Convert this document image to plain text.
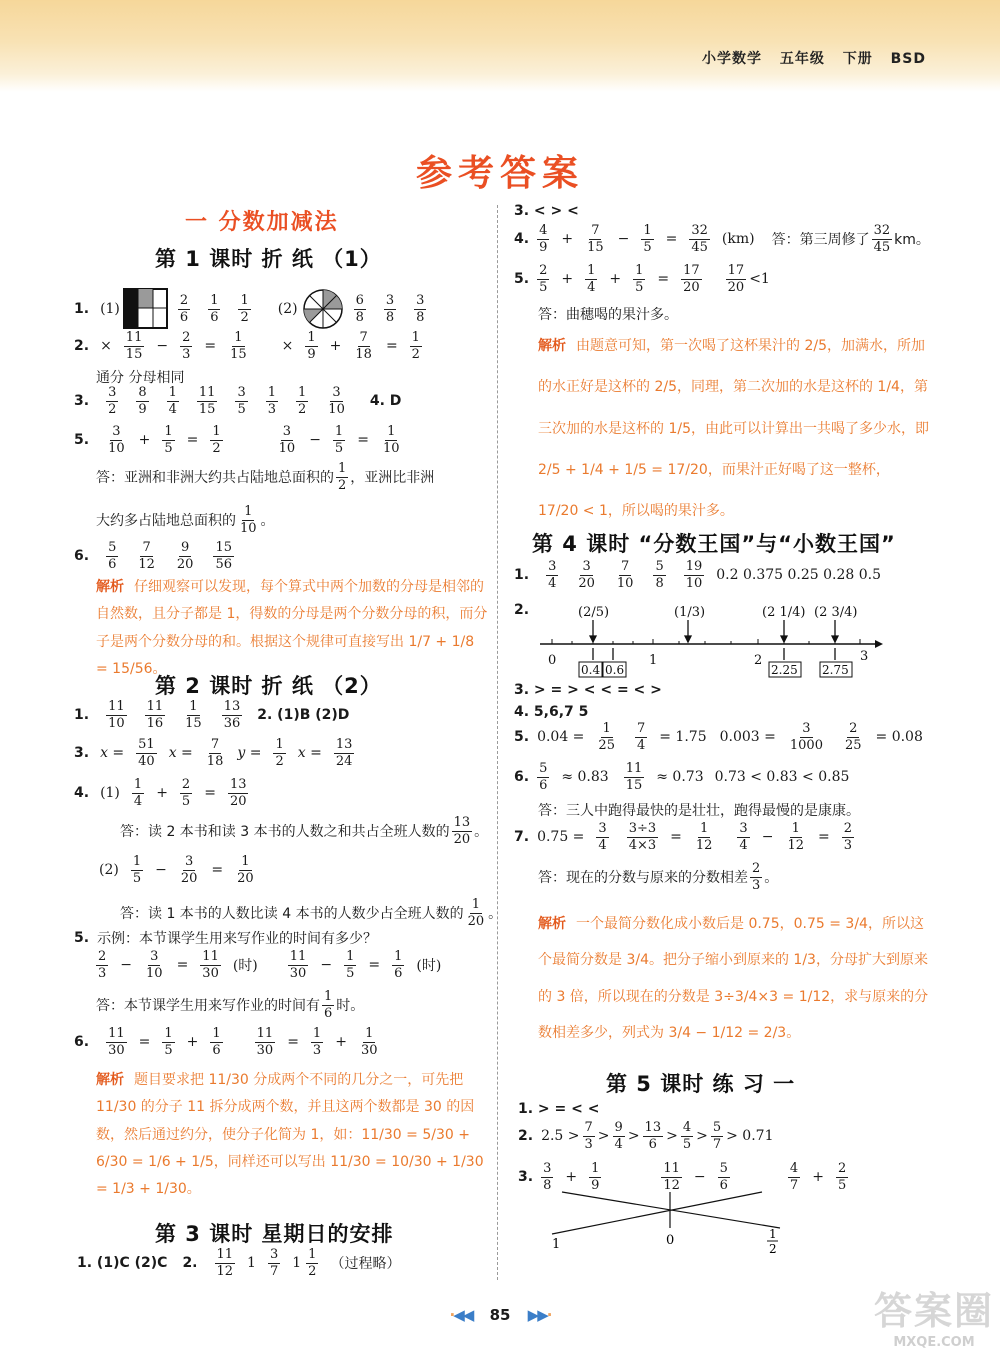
小学数学 五年级 下册 BSD
参考答案
一 分数加减法
第 1 课时 折 纸 （1）
1. (1)	$\frac{2}{6} \frac{1}{6} \frac{1}{2} (2)$	$\frac{6}{8} \frac{3}{8} \frac{3}{8}$
2. × $\frac{11}{15} - \frac{2}{3} = \frac{1}{15} \times \frac{1}{9} + \frac{7}{18} = \frac{1}{2}$
通分 分母相同
3. $\frac{3}{2} \frac{8}{9} \frac{1}{4} \frac{11}{15} \frac{3}{5} \frac{1}{3} \frac{1}{2} \frac{3}{10} 4$. D
5. $\frac{3}{10} + \frac{1}{5} = \frac{1}{2}$	$\frac{3}{10} - \frac{1}{5} = \frac{1}{10}$
答：亚洲和非洲大约共占陆地总面积的 $\frac{1}{2}$ ，亚洲比非洲
大约多占陆地总面积的 $\frac{1}{10}$ 。
6. $\frac{5}{6} \frac{7}{12} \frac{9}{20} \frac{15}{56}$
解析 仔细观察可以发现，每个算式中两个加数的分母是相邻的自然数，且分子都是 1，得数的分母是两个分数分母的积，而分子是两个分数分母的和。根据这个规律可直接写出 1/7 + 1/8 = 15/56。
第 2 课时 折 纸 （2）
1. $\frac{11}{10} \frac{11}{16} \frac{1}{15} \frac{13}{36} 2$. (1)B (2)D
3. $x = \frac{51}{40}$ $x = \frac{7}{18}$ $y = \frac{1}{2}$ $x = \frac{13}{24}$
4. $(1) \frac{1}{4} + \frac{2}{5} = \frac{13}{20}$
答：读 2 本书和读 3 本书的人数之和共占全班人数的 $\frac{13}{20}$ 。
$(2) \frac{1}{5} - \frac{3}{20} = \frac{1}{20}$
答：读 1 本书的人数比读 4 本书的人数少占全班人数的 $\frac{1}{20}$ 。
5. 示例：本节课学生用来写作业的时间有多少？
$\frac{2}{3} - \frac{3}{10} = \frac{11}{30}$ (时) $\frac{11}{30} - \frac{1}{5} = \frac{1}{6}$ (时)
答：本节课学生用来写作业的时间有 $\frac{1}{6}$ 时。
6. $\frac{11}{30} = \frac{1}{5} + \frac{1}{6} \frac{11}{30} = \frac{1}{3} + \frac{1}{30}$
解析 题目要求把 11/30 分成两个不同的几分之一，可先把 11/30 的分子 11 拆分成两个数，并且这两个数都是 30 的因数，然后通过约分，使分子化简为 1，如：11/30 = 5/30 + 6/30 = 1/6 + 1/5，同样还可以写出 11/30 = 10/30 + 1/30 = 1/3 + 1/30。
第 3 课时 星期日的安排
1. (1)C (2)C 2. $\frac{11}{12} 1 \frac{3}{7} 1 \frac{1}{2}$ （过程略）
3. < > <
4. $\frac{4}{9} + \frac{7}{15} - \frac{1}{5} = \frac{32}{45} (km)$ 答：第三周修了 $\frac{32}{45}$ km。
5. $\frac{2}{5} + \frac{1}{4} + \frac{1}{5} = \frac{17}{20} \frac{17}{20} <1$
答：曲穗喝的果汁多。
解析 由题意可知，第一次喝了这杯果汁的 2/5，加满水，所加的水正好是这杯的 2/5，同理，第二次加的水是这杯的 1/4，第三次加的水是这杯的 1/5，由此可以计算出一共喝了多少水，即 2/5 + 1/4 + 1/5 = 17/20，而果汁正好喝了这一整杯，17/20 < 1，所以喝的果汁多。
第 4 课时 “分数王国”与“小数王国”
1. $\frac{3}{4} \frac{3}{20} \frac{7}{10} \frac{5}{8} \frac{19}{10} 0.2$ 0.375 0.25 0.28 0.5
2.
0	1	2	3
(2/5)	(1/3)	(2 1/4) (2 3/4)
0.4 0.6	2.25 2.75
3. > = > < < = < >
4. 5,6,7 5
5. $0.04 = \frac{1}{25} \frac{7}{4} = 1.75$ $0.003 = \frac{3}{1000} \frac{2}{25} = 0.08$
6. $\frac{5}{6} \approx 0.83 \frac{11}{15} \approx 0.73$ 0.73 < 0.83 < 0.85
答：三人中跑得最快的是壮壮，跑得最慢的是康康。
7. $0.75 = \frac{3}{4} \frac{3\div 3}{4\times 3} = \frac{1}{12} \frac{3}{4} - \frac{1}{12} = \frac{2}{3}$
答：现在的分数与原来的分数相差 $\frac{2}{3}$ 。
解析 一个最简分数化成小数后是 0.75，0.75 = 3/4，所以这个最简分数是 3/4。把分子缩小到原来的 1/3，分母扩大到原来的 3 倍，所以现在的分数是 3÷3/4×3 = 1/12，求与原来的分数相差多少，列式为 3/4 − 1/12 = 2/3。
第 5 课时 练 习 一
1. > = < <
2. $2.5 > \frac{7}{3} > \frac{9}{4} > \frac{13}{6} > \frac{4}{5} > \frac{5}{7} > 0.71$
3. $\frac{3}{8} + \frac{1}{9}$	$\frac{11}{12} - \frac{5}{6}$	$\frac{4}{7} + \frac{2}{5}$
1	0	1
2
·◀◀ 85 ▶▶·	答案圈
MXQE.COM
